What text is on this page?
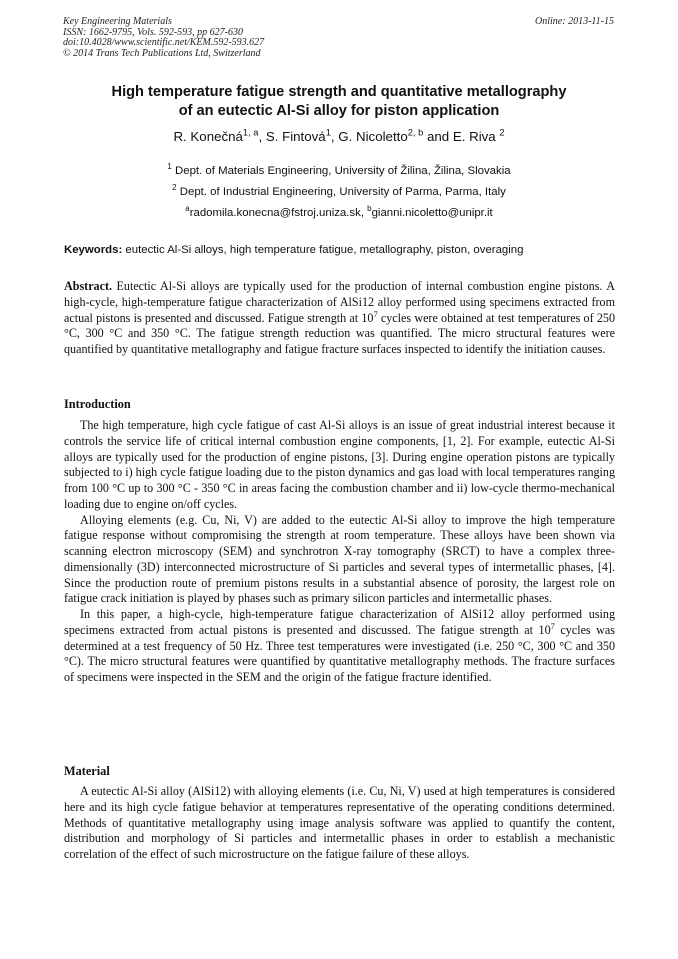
Key Engineering Materials
ISSN: 1662-9795, Vols. 592-593, pp 627-630
doi:10.4028/www.scientific.net/KEM.592-593.627
© 2014 Trans Tech Publications Ltd, Switzerland
Online: 2013-11-15
High temperature fatigue strength and quantitative metallography
of an eutectic Al-Si alloy for piston application
R. Konečná$^{1, a}$, S. Fintová$^1$, G. Nicoletto$^{2, b}$ and E. Riva $^2$
$^1$ Dept. of Materials Engineering, University of Žilina, Žilina, Slovakia
$^2$ Dept. of Industrial Engineering, University of Parma, Parma, Italy
$^a$radomila.konecna@fstroj.uniza.sk, $^b$gianni.nicoletto@unipr.it
Keywords: eutectic Al-Si alloys, high temperature fatigue, metallography, piston, overaging
Abstract. Eutectic Al-Si alloys are typically used for the production of internal combustion engine pistons. A high-cycle, high-temperature fatigue characterization of AlSi12 alloy performed using specimens extracted from actual pistons is presented and discussed. Fatigue strength at $10^7$ cycles were obtained at test temperatures of 250 °C, 300 °C and 350 °C. The fatigue strength reduction was quantified. The micro structural features were quantified by quantitative metallography and fatigue fracture surfaces inspected to identify the initiation causes.
Introduction

The high temperature, high cycle fatigue of cast Al-Si alloys is an issue of great industrial interest because it controls the service life of critical internal combustion engine components, [1, 2]. For example, eutectic Al-Si alloys are typically used for the production of engine pistons, [3]. During engine operation pistons are typically subjected to i) high cycle fatigue loading due to the piston dynamics and gas load with local temperatures ranging from 100 °C up to 300 °C - 350 °C in areas facing the combustion chamber and ii) low-cycle thermo-mechanical loading due to engine on/off cycles.

Alloying elements (e.g. Cu, Ni, V) are added to the eutectic Al-Si alloy to improve the high temperature fatigue response without compromising the strength at room temperature. These alloys have been shown via scanning electron microscopy (SEM) and synchrotron X-ray tomography (SRCT) to have a complex three-dimensionally (3D) interconnected microstructure of Si particles and several types of intermetallic phases, [4]. Since the production route of premium pistons results in a substantial absence of porosity, the largest role on fatigue crack initiation is played by phases such as primary silicon particles and intermetallic phases.

In this paper, a high-cycle, high-temperature fatigue characterization of AlSi12 alloy performed using specimens extracted from actual pistons is presented and discussed. The fatigue strength at $10^7$ cycles was determined at a test frequency of 50 Hz. Three test temperatures were investigated (i.e. 250 °C, 300 °C and 350 °C). The micro structural features were quantified by quantitative metallography methods. The fracture surfaces of specimens were inspected in the SEM and the origin of the fatigue fracture identified.

Material

A eutectic Al-Si alloy (AlSi12) with alloying elements (i.e. Cu, Ni, V) used at high temperatures is considered here and its high cycle fatigue behavior at temperatures representative of the operating conditions determined. Methods of quantitative metallography using image analysis software was applied to quantify the content, distribution and morphology of Si particles and intermetallic phases in order to establish a mechanistic correlation of the effect of such microstructure on the fatigue failure of these alloys.
